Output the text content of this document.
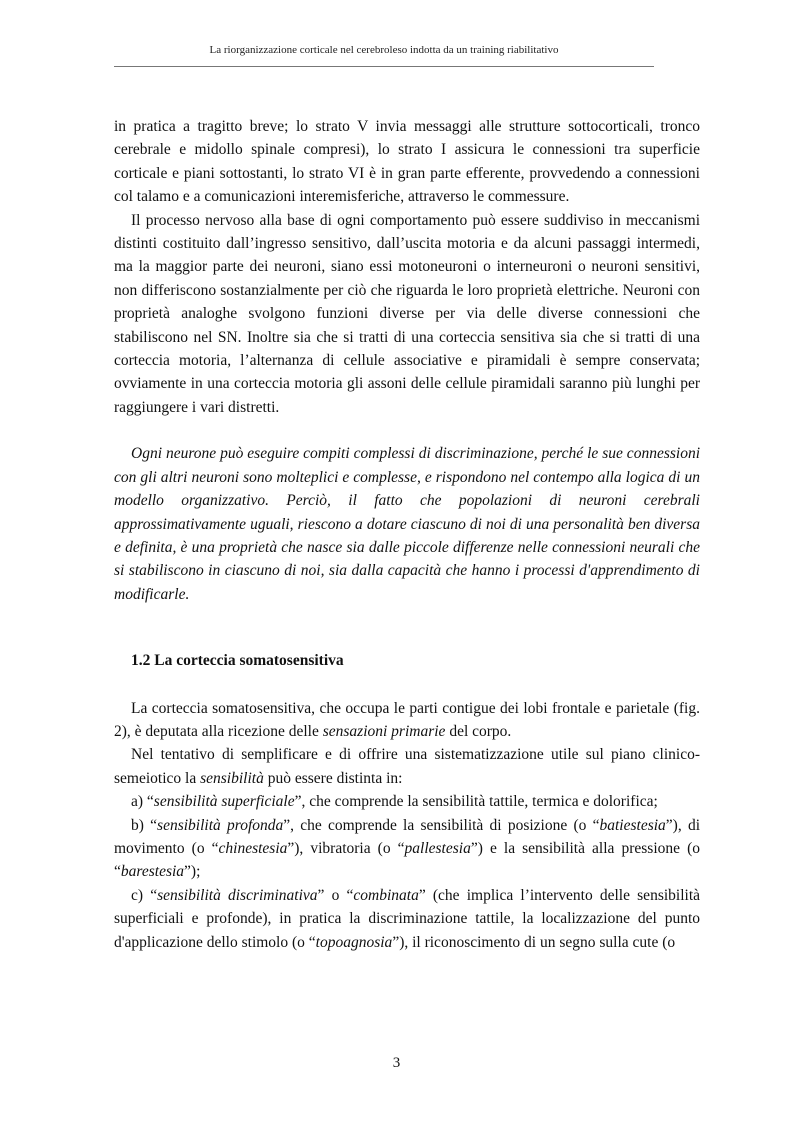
La riorganizzazione corticale nel cerebroleso indotta da un training riabilitativo

in pratica a tragitto breve; lo strato V invia messaggi alle strutture sottocorticali, tronco cerebrale e midollo spinale compresi), lo strato I assicura le connessioni tra superficie corticale e piani sottostanti, lo strato VI è in gran parte efferente, provvedendo a connessioni col talamo e a comunicazioni interemisferiche, attraverso le commessure.

Il processo nervoso alla base di ogni comportamento può essere suddiviso in meccanismi distinti costituito dall’ingresso sensitivo, dall’uscita motoria e da alcuni passaggi intermedi, ma la maggior parte dei neuroni, siano essi motoneuroni o interneuroni o neuroni sensitivi, non differiscono sostanzialmente per ciò che riguarda le loro proprietà elettriche. Neuroni con proprietà analoghe svolgono funzioni diverse per via delle diverse connessioni che stabiliscono nel SN. Inoltre sia che si tratti di una corteccia sensitiva sia che si tratti di una corteccia motoria, l’alternanza di cellule associative e piramidali è sempre conservata; ovviamente in una corteccia motoria gli assoni delle cellule piramidali saranno più lunghi per raggiungere i vari distretti.

Ogni neurone può eseguire compiti complessi di discriminazione, perché le sue connessioni con gli altri neuroni sono molteplici e complesse, e rispondono nel contempo alla logica di un modello organizzativo. Perciò, il fatto che popolazioni di neuroni cerebrali approssimativamente uguali, riescono a dotare ciascuno di noi di una personalità ben diversa e definita, è una proprietà che nasce sia dalle piccole differenze nelle connessioni neurali che si stabiliscono in ciascuno di noi, sia dalla capacità che hanno i processi d'apprendimento di modificarle.

1.2 La corteccia somatosensitiva

La corteccia somatosensitiva, che occupa le parti contigue dei lobi frontale e parietale (fig. 2), è deputata alla ricezione delle sensazioni primarie del corpo.

Nel tentativo di semplificare e di offrire una sistematizzazione utile sul piano clinico-semeiotico la sensibilità può essere distinta in:

a) “sensibilità superficiale”, che comprende la sensibilità tattile, termica e dolorifica;

b) “sensibilità profonda”, che comprende la sensibilità di posizione (o “batiestesia”), di movimento (o “chinestesia”), vibratoria (o “pallestesia”) e la sensibilità alla pressione (o “barestesia”);

c) “sensibilità discriminativa” o “combinata” (che implica l’intervento delle sensibilità superficiali e profonde), in pratica la discriminazione tattile, la localizzazione del punto d'applicazione dello stimolo (o “topoagnosia”), il riconoscimento di un segno sulla cute (o

3
